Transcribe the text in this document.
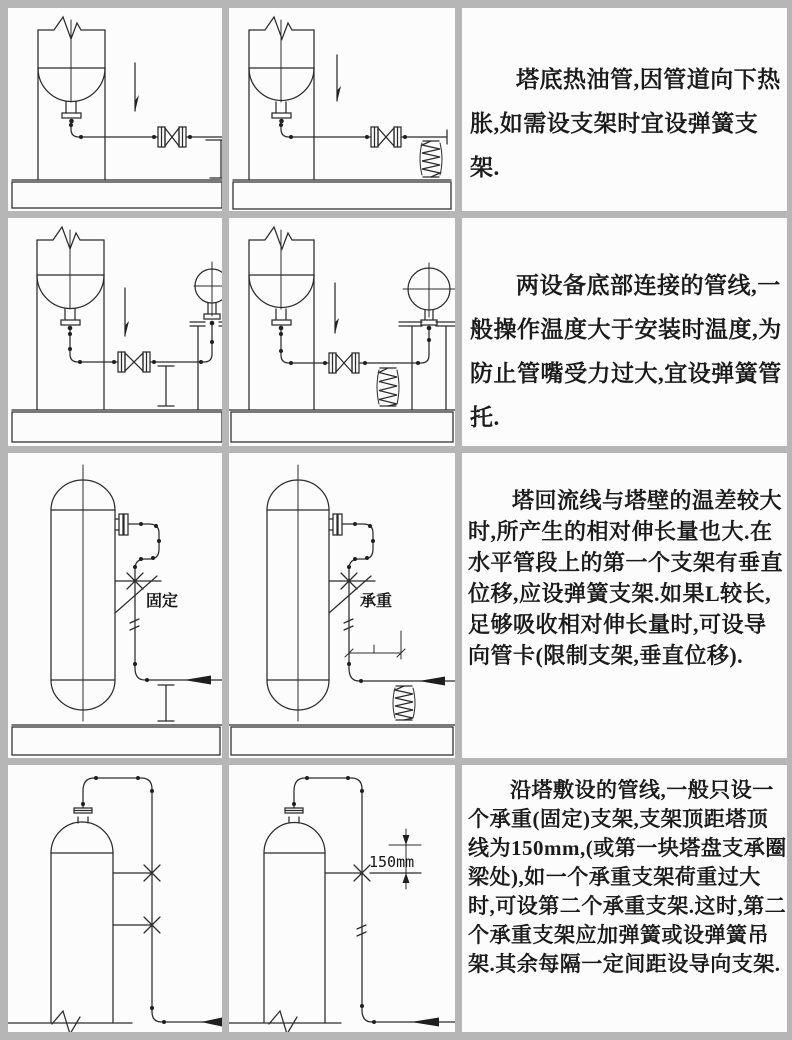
塔底热油管,因管道向下热胀,如需设支架时宜设弹簧支架.

两设备底部连接的管线,一般操作温度大于安装时温度,为防止管嘴受力过大,宜设弹簧管托.

固定	承重

塔回流线与塔壁的温差较大时,所产生的相对伸长量也大.在水平管段上的第一个支架有垂直位移,应设弹簧支架.如果L较长,足够吸收相对伸长量时,可设导向管卡(限制支架,垂直位移).

150mm

沿塔敷设的管线,一般只设一个承重(固定)支架,支架顶距塔顶线为150mm,(或第一块塔盘支承圈梁处),如一个承重支架荷重过大时,可设第二个承重支架.这时,第二个承重支架应加弹簧或设弹簧吊架.其余每隔一定间距设导向支架.
